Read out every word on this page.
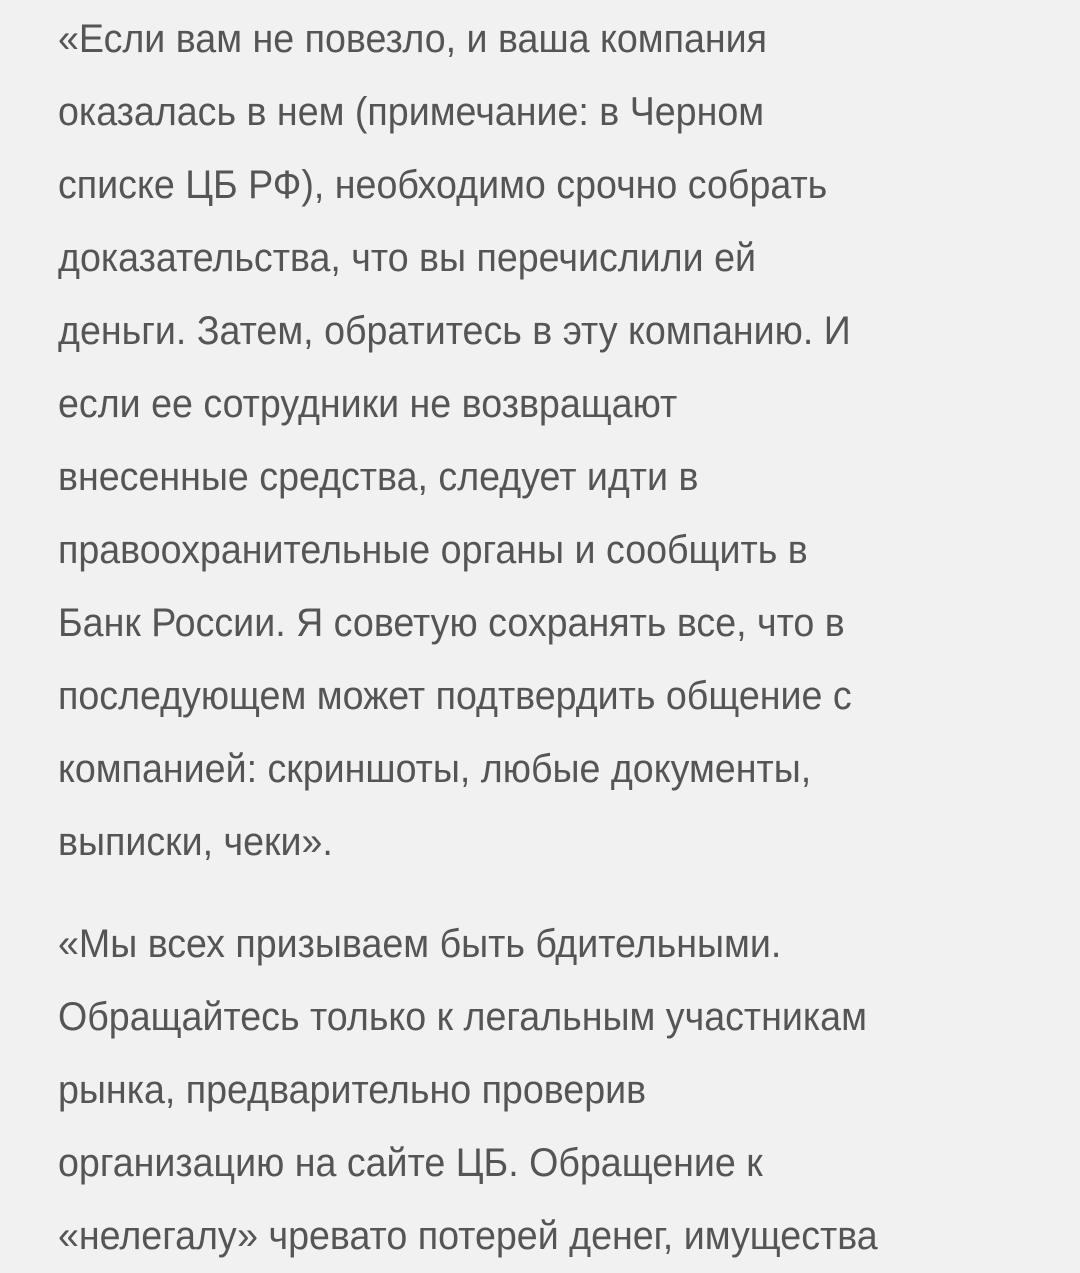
«Если вам не повезло, и ваша компания
оказалась в нем (примечание: в Черном
списке ЦБ РФ), необходимо срочно собрать
доказательства, что вы перечислили ей
деньги. Затем, обратитесь в эту компанию. И
если ее сотрудники не возвращают
внесенные средства, следует идти в
правоохранительные органы и сообщить в
Банк России. Я советую сохранять все, что в
последующем может подтвердить общение с
компанией: скриншоты, любые документы,
выписки, чеки».

«Мы всех призываем быть бдительными.
Обращайтесь только к легальным участникам
рынка, предварительно проверив
организацию на сайте ЦБ. Обращение к
«нелегалу» чревато потерей денег, имущества
